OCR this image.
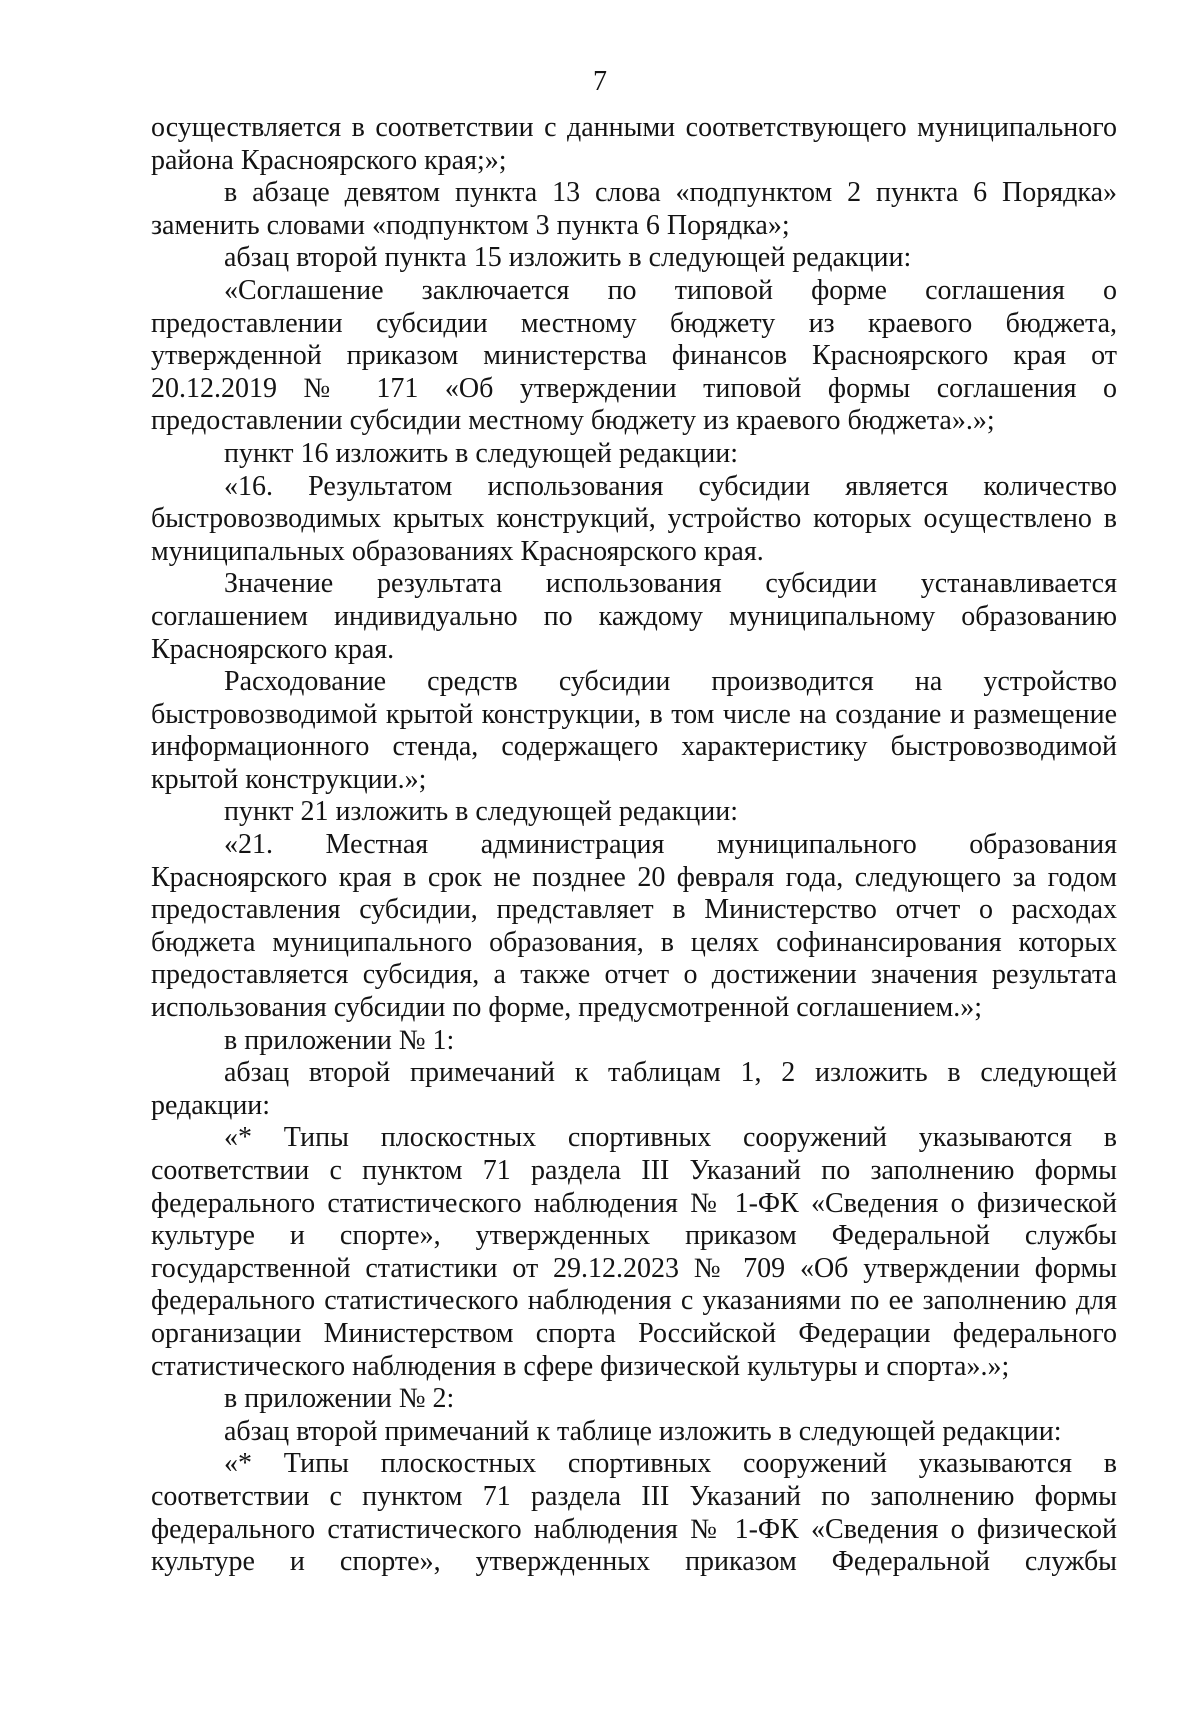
7

осуществляется в соответствии с данными соответствующего муниципального района Красноярского края;»;

в абзаце девятом пункта 13 слова «подпунктом 2 пункта 6 Порядка» заменить словами «подпунктом 3 пункта 6 Порядка»;

абзац второй пункта 15 изложить в следующей редакции:

«Соглашение заключается по типовой форме соглашения о предоставлении субсидии местному бюджету из краевого бюджета, утвержденной приказом министерства финансов Красноярского края от 20.12.2019 № 171 «Об утверждении типовой формы соглашения о предоставлении субсидии местному бюджету из краевого бюджета».»;

пункт 16 изложить в следующей редакции:

«16. Результатом использования субсидии является количество быстровозводимых крытых конструкций, устройство которых осуществлено в муниципальных образованиях Красноярского края.

Значение результата использования субсидии устанавливается соглашением индивидуально по каждому муниципальному образованию Красноярского края.

Расходование средств субсидии производится на устройство быстровозводимой крытой конструкции, в том числе на создание и размещение информационного стенда, содержащего характеристику быстровозводимой крытой конструкции.»;

пункт 21 изложить в следующей редакции:

«21. Местная администрация муниципального образования Красноярского края в срок не позднее 20 февраля года, следующего за годом предоставления субсидии, представляет в Министерство отчет о расходах бюджета муниципального образования, в целях софинансирования которых предоставляется субсидия, а также отчет о достижении значения результата использования субсидии по форме, предусмотренной соглашением.»;

в приложении № 1:

абзац второй примечаний к таблицам 1, 2 изложить в следующей редакции:

«* Типы плоскостных спортивных сооружений указываются в соответствии с пунктом 71 раздела III Указаний по заполнению формы федерального статистического наблюдения № 1-ФК «Сведения о физической культуре и спорте», утвержденных приказом Федеральной службы государственной статистики от 29.12.2023 № 709 «Об утверждении формы федерального статистического наблюдения с указаниями по ее заполнению для организации Министерством спорта Российской Федерации федерального статистического наблюдения в сфере физической культуры и спорта».»;

в приложении № 2:

абзац второй примечаний к таблице изложить в следующей редакции:

«* Типы плоскостных спортивных сооружений указываются в соответствии с пунктом 71 раздела III Указаний по заполнению формы федерального статистического наблюдения № 1-ФК «Сведения о физической культуре и спорте», утвержденных приказом Федеральной службы
